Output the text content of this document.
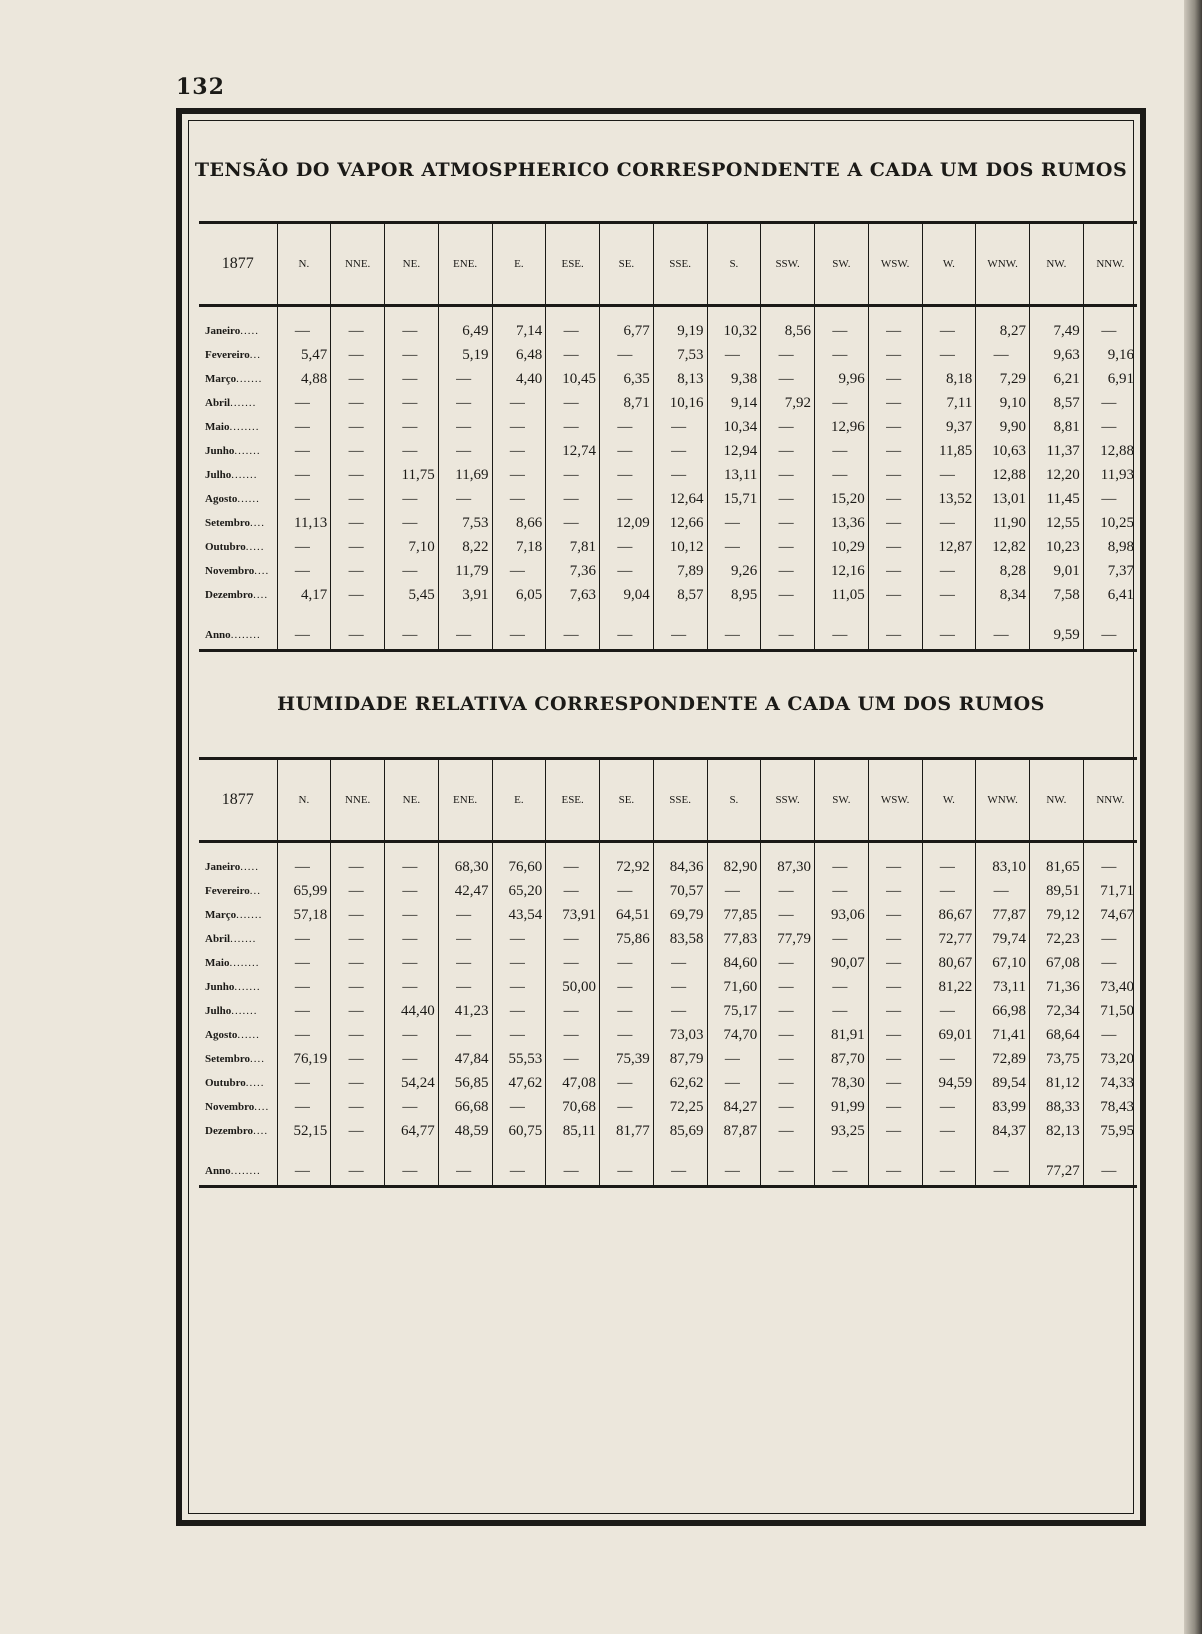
132
TENSÃO DO VAPOR ATMOSPHERICO CORRESPONDENTE A CADA UM DOS RUMOS
1877	N.	NNE.	NE.	ENE.	E.	ESE.	SE.	SSE.	S.	SSW.	SW.	WSW.	W.	WNW.	NW.	NNW.
Janeiro.....	—	—	—	6,49	7,14	—	6,77	9,19	10,32	8,56	—	—	—	8,27	7,49	—
Fevereiro...	5,47	—	—	5,19	6,48	—	—	7,53	—	—	—	—	—	—	9,63	9,16
Março.......	4,88	—	—	—	4,40	10,45	6,35	8,13	9,38	—	9,96	—	8,18	7,29	6,21	6,91
Abril.......	—	—	—	—	—	—	8,71	10,16	9,14	7,92	—	—	7,11	9,10	8,57	—
Maio........	—	—	—	—	—	—	—	—	10,34	—	12,96	—	9,37	9,90	8,81	—
Junho.......	—	—	—	—	—	12,74	—	—	12,94	—	—	—	11,85	10,63	11,37	12,88
Julho.......	—	—	11,75	11,69	—	—	—	—	13,11	—	—	—	—	12,88	12,20	11,93
Agosto......	—	—	—	—	—	—	—	12,64	15,71	—	15,20	—	13,52	13,01	11,45	—
Setembro....	11,13	—	—	7,53	8,66	—	12,09	12,66	—	—	13,36	—	—	11,90	12,55	10,25
Outubro.....	—	—	7,10	8,22	7,18	7,81	—	10,12	—	—	10,29	—	12,87	12,82	10,23	8,98
Novembro....	—	—	—	11,79	—	7,36	—	7,89	9,26	—	12,16	—	—	8,28	9,01	7,37
Dezembro....	4,17	—	5,45	3,91	6,05	7,63	9,04	8,57	8,95	—	11,05	—	—	8,34	7,58	6,41

Anno........	—	—	—	—	—	—	—	—	—	—	—	—	—	—	9,59	—
HUMIDADE RELATIVA CORRESPONDENTE A CADA UM DOS RUMOS
1877	N.	NNE.	NE.	ENE.	E.	ESE.	SE.	SSE.	S.	SSW.	SW.	WSW.	W.	WNW.	NW.	NNW.
Janeiro.....	—	—	—	68,30	76,60	—	72,92	84,36	82,90	87,30	—	—	—	83,10	81,65	—
Fevereiro...	65,99	—	—	42,47	65,20	—	—	70,57	—	—	—	—	—	—	89,51	71,71
Março.......	57,18	—	—	—	43,54	73,91	64,51	69,79	77,85	—	93,06	—	86,67	77,87	79,12	74,67
Abril.......	—	—	—	—	—	—	75,86	83,58	77,83	77,79	—	—	72,77	79,74	72,23	—
Maio........	—	—	—	—	—	—	—	—	84,60	—	90,07	—	80,67	67,10	67,08	—
Junho.......	—	—	—	—	—	50,00	—	—	71,60	—	—	—	81,22	73,11	71,36	73,40
Julho.......	—	—	44,40	41,23	—	—	—	—	75,17	—	—	—	—	66,98	72,34	71,50
Agosto......	—	—	—	—	—	—	—	73,03	74,70	—	81,91	—	69,01	71,41	68,64	—
Setembro....	76,19	—	—	47,84	55,53	—	75,39	87,79	—	—	87,70	—	—	72,89	73,75	73,20
Outubro.....	—	—	54,24	56,85	47,62	47,08	—	62,62	—	—	78,30	—	94,59	89,54	81,12	74,33
Novembro....	—	—	—	66,68	—	70,68	—	72,25	84,27	—	91,99	—	—	83,99	88,33	78,43
Dezembro....	52,15	—	64,77	48,59	60,75	85,11	81,77	85,69	87,87	—	93,25	—	—	84,37	82,13	75,95

Anno........	—	—	—	—	—	—	—	—	—	—	—	—	—	—	77,27	—
